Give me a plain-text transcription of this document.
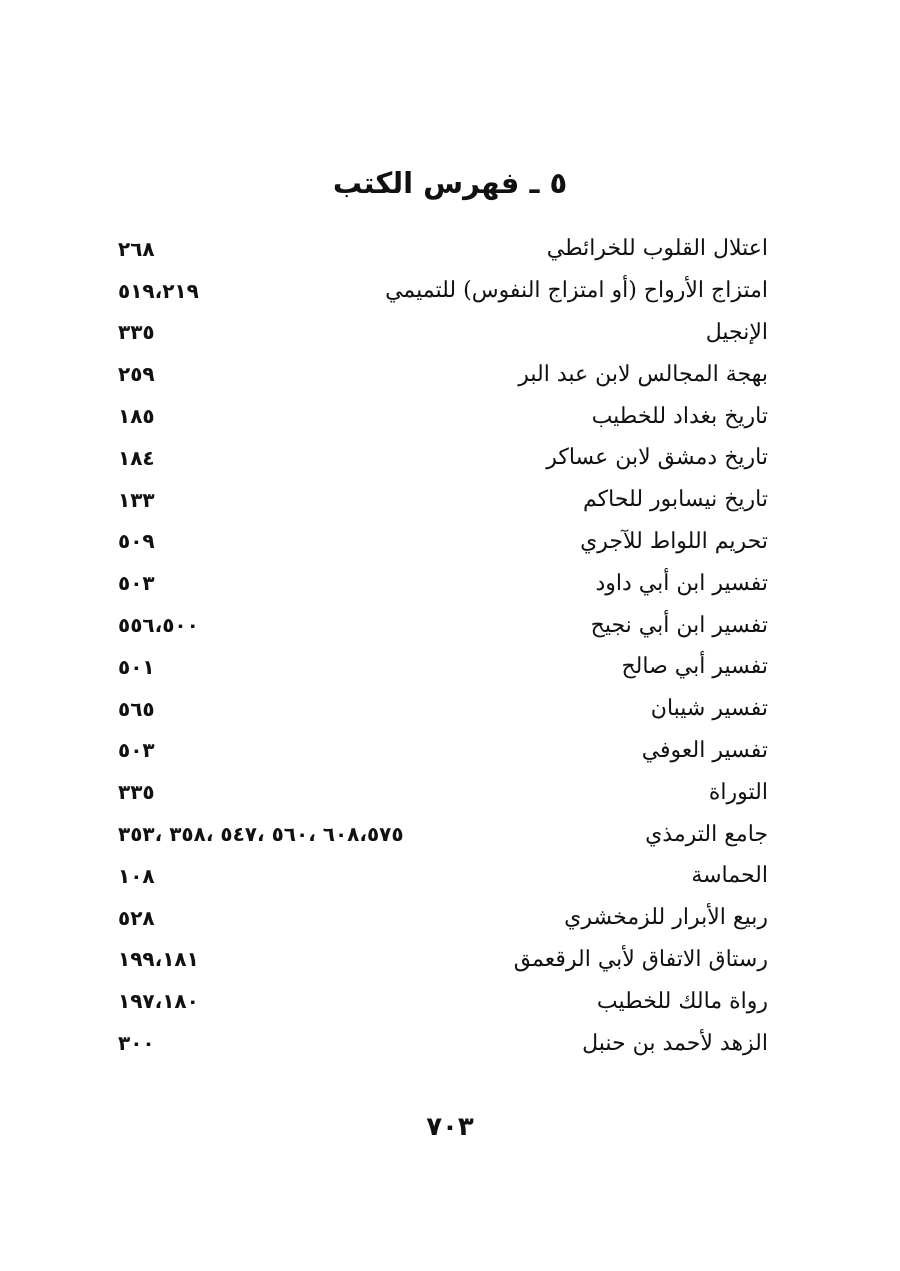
٥ ـ فهرس الكتب
اعتلال القلوب للخرائطي
٢٦٨
امتزاج الأرواح (أو امتزاج النفوس) للتميمي
٥١٩،٢١٩
الإنجيل
٣٣٥
بهجة المجالس لابن عبد البر
٢٥٩
تاريخ بغداد للخطيب
١٨٥
تاريخ دمشق لابن عساكر
١٨٤
تاريخ نيسابور للحاكم
١٣٣
تحريم اللواط للآجري
٥٠٩
تفسير ابن أبي داود
٥٠٣
تفسير ابن أبي نجيح
٥٥٦،٥٠٠
تفسير أبي صالح
٥٠١
تفسير شيبان
٥٦٥
تفسير العوفي
٥٠٣
التوراة
٣٣٥
جامع الترمذي
٦٠٨،٥٧٥ ،٥٦٠ ،٥٤٧ ،٣٥٨ ،٣٥٣
الحماسة
١٠٨
ربيع الأبرار للزمخشري
٥٢٨
رستاق الاتفاق لأبي الرقعمق
١٩٩،١٨١
رواة مالك للخطيب
١٩٧،١٨٠
الزهد لأحمد بن حنبل
٣٠٠
٧٠٣
